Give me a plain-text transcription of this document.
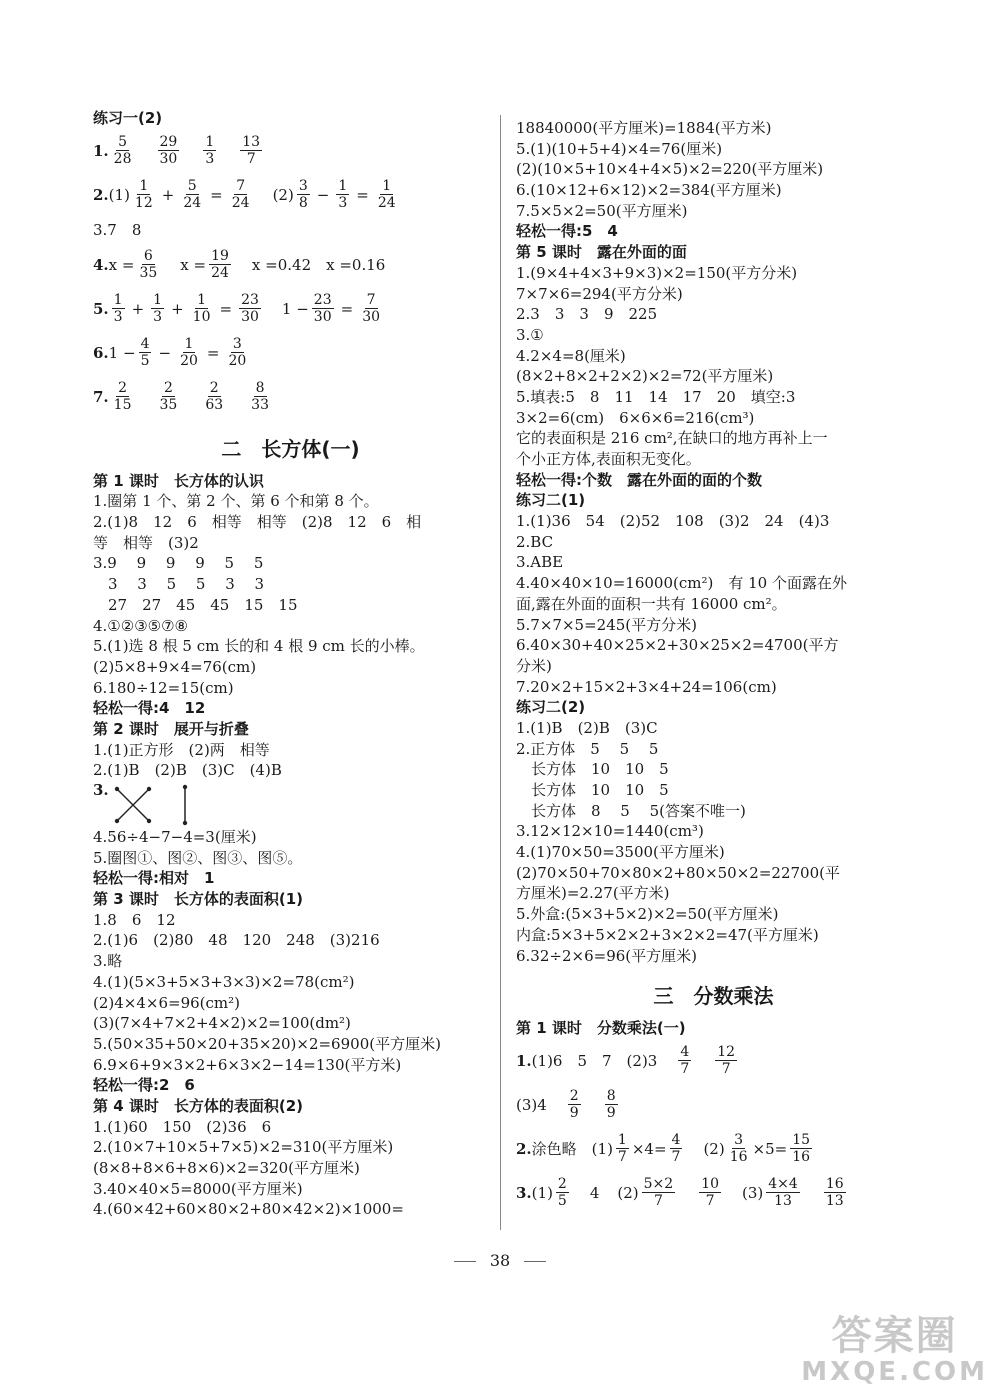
练习一(2)
1. 5
28
29
30
1
3
13
7
2. (1) 1
$12 + \frac{5}{24} = \frac{7}{24} (2)$ 3
$8 - \frac{1}{3} = \frac{1}{24}$
3.7　8
4. $x = \frac{6}{35}$ $x = \frac{19}{24}$ x =0.42　x =0.16
5. 1
$3 + \frac{1}{3} + \frac{1}{10} = \frac{23}{30} 1 - \frac{23}{30} = \frac{7}{30}$
6. $1 - \frac{4}{5} - \frac{1}{20} = \frac{3}{20}$
7. 2
15
2
35
2
63
8
33
二　长方体(一)
第 1 课时　长方体的认识
1.圈第 1 个、第 2 个、第 6 个和第 8 个。
2.(1)8　12　6　相等　相等　(2)8　12　6　相
等　相等　(3)2
3.9　 9　 9　 9　 5　 5
　3　 3　 5　 5　 3　 3
　27　27　45　45　15　15
4.①②③⑤⑦⑧
5.(1)选 8 根 5 cm 长的和 4 根 9 cm 长的小棒。
(2)5×8+9×4=76(cm)
6.180÷12=15(cm)
轻松一得:4　12
第 2 课时　展开与折叠
1.(1)正方形　(2)两　相等
2.(1)B　(2)B　(3)C　(4)B
3.
4.56÷4−7−4=3(厘米)
5.圈图①、图②、图③、图⑤。
轻松一得:相对　1
第 3 课时　长方体的表面积(1)
1.8　6　12
2.(1)6　(2)80　48　120　248　(3)216
3.略
4.(1)(5×3+5×3+3×3)×2=78(cm²)
(2)4×4×6=96(cm²)
(3)(7×4+7×2+4×2)×2=100(dm²)
5.(50×35+50×20+35×20)×2=6900(平方厘米)
6.9×6+9×3×2+6×3×2−14=130(平方米)
轻松一得:2　6
第 4 课时　长方体的表面积(2)
1.(1)60　150　(2)36　6
2.(10×7+10×5+7×5)×2=310(平方厘米)
(8×8+8×6+8×6)×2=320(平方厘米)
3.40×40×5=8000(平方厘米)
4.(60×42+60×80×2+80×42×2)×1000=
18840000(平方厘米)=1884(平方米)
5.(1)(10+5+4)×4=76(厘米)
(2)(10×5+10×4+4×5)×2=220(平方厘米)
6.(10×12+6×12)×2=384(平方厘米)
7.5×5×2=50(平方厘米)
轻松一得:5　4
第 5 课时　露在外面的面
1.(9×4+4×3+9×3)×2=150(平方分米)
7×7×6=294(平方分米)
2.3　3　3　9　225
3.①
4.2×4=8(厘米)
(8×2+8×2+2×2)×2=72(平方厘米)
5.填表:5　8　11　14　17　20　填空:3
3×2=6(cm)　6×6×6=216(cm³)
它的表面积是 216 cm²,在缺口的地方再补上一
个小正方体,表面积无变化。
轻松一得:个数　露在外面的面的个数
练习二(1)
1.(1)36　54　(2)52　108　(3)2　24　(4)3
2.BC
3.ABE
4.40×40×10=16000(cm²)　有 10 个面露在外
面,露在外面的面积一共有 16000 cm²。
5.7×7×5=245(平方分米)
6.40×30+40×25×2+30×25×2=4700(平方
分米)
7.20×2+15×2+3×4+24=106(cm)
练习二(2)
1.(1)B　(2)B　(3)C
2.正方体　5　 5　 5
　长方体　10　10　5
　长方体　10　10　5
　长方体　8　 5　 5(答案不唯一)
3.12×12×10=1440(cm³)
4.(1)70×50=3500(平方厘米)
(2)70×50+70×80×2+80×50×2=22700(平
方厘米)=2.27(平方米)
5.外盒:(5×3+5×2)×2=50(平方厘米)
内盒:5×3+5×2×2+3×2×2=47(平方厘米)
6.32÷2×6=96(平方厘米)
三　分数乘法
第 1 课时　分数乘法(一)
1. (1)6　5　7　(2)3 4
7
12
7
(3)4 2
9
8
9
2. 涂色略　$(1) \frac{1}{7} \times 4= \frac{4}{7} (2) \frac{3}{16} \times 5= \frac{15}{16}$
3. (1) 2
5 4 (2) 5×2
7
10
7 (3) 4×4
13
16
13
38
答案圈
MXQE.COM
